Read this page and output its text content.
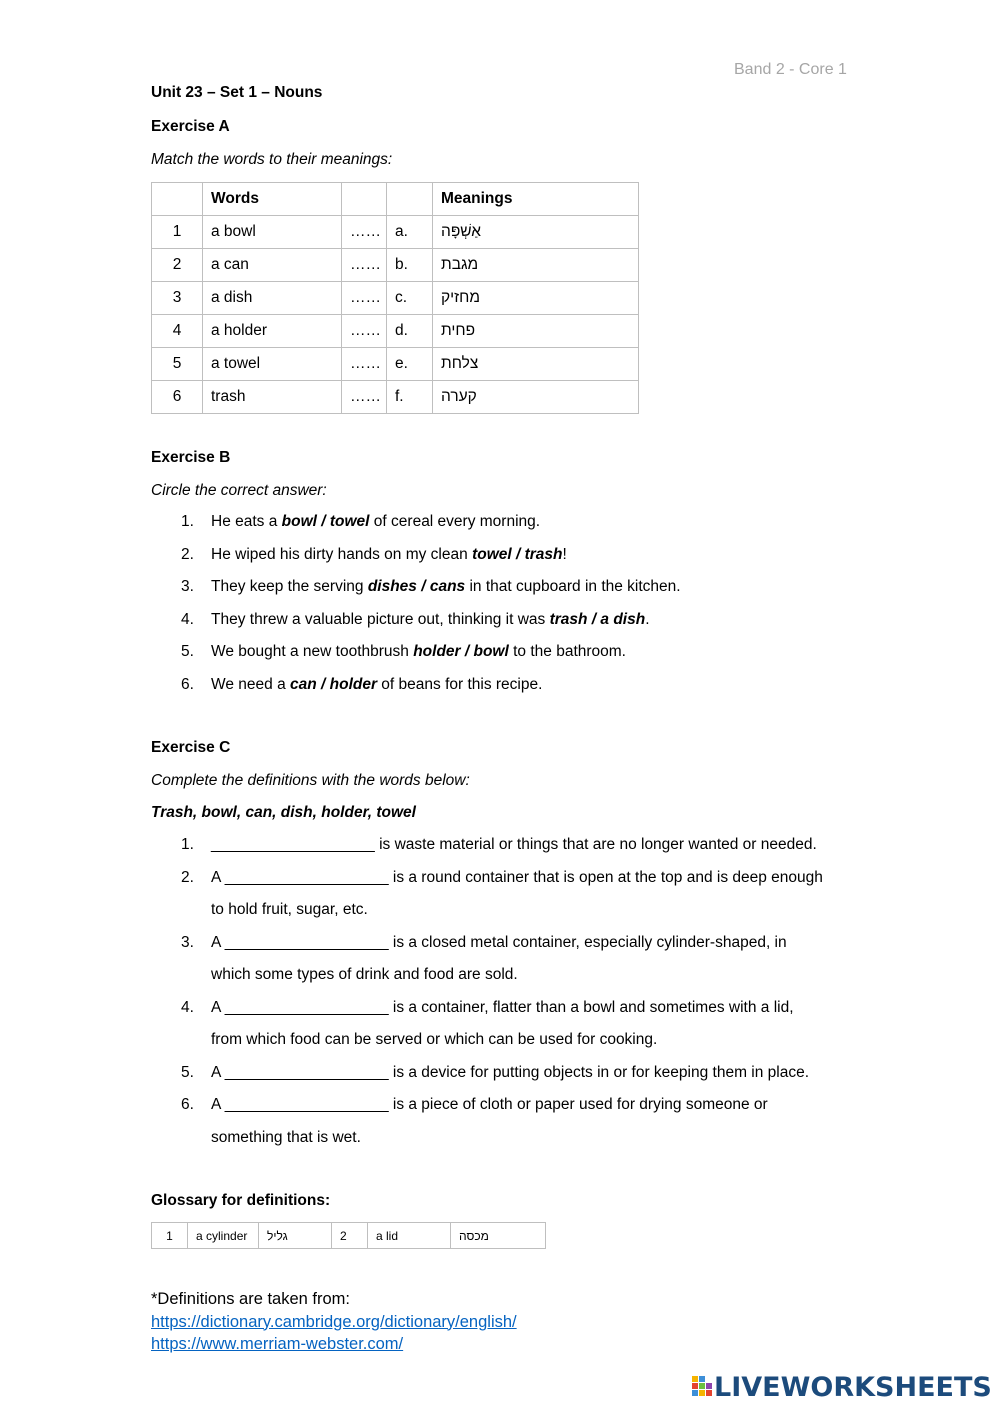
Band 2 - Core 1
Unit 23 – Set 1 – Nouns
Exercise A
Match the words to their meanings:
	Words			Meanings
1	a bowl	……	a.	אַשְׁפָּה
2	a can	……	b.	מגבת
3	a dish	……	c.	מחזיק
4	a holder	……	d.	פחית
5	a towel	……	e.	צלחת
6	trash	……	f.	קערה
Exercise B
Circle the correct answer:
1. He eats a bowl / towel of cereal every morning.
2. He wiped his dirty hands on my clean towel / trash!
3. They keep the serving dishes / cans in that cupboard in the kitchen.
4. They threw a valuable picture out, thinking it was trash / a dish.
5. We bought a new toothbrush holder / bowl to the bathroom.
6. We need a can / holder of beans for this recipe.
Exercise C
Complete the definitions with the words below:
Trash, bowl, can, dish, holder, towel
1. ___________________ is waste material or things that are no longer wanted or needed.
2. A ___________________ is a round container that is open at the top and is deep enough
to hold fruit, sugar, etc.
3. A ___________________ is a closed metal container, especially cylinder-shaped, in
which some types of drink and food are sold.
4. A ___________________ is a container, flatter than a bowl and sometimes with a lid,
from which food can be served or which can be used for cooking.
5. A ___________________ is a device for putting objects in or for keeping them in place.
6. A ___________________ is a piece of cloth or paper used for drying someone or
something that is wet.
Glossary for definitions:
1	a cylinder	גליל	2	a lid	מכסה
*Definitions are taken from:
https://dictionary.cambridge.org/dictionary/english/
https://www.merriam-webster.com/
LIVEWORKSHEETS
